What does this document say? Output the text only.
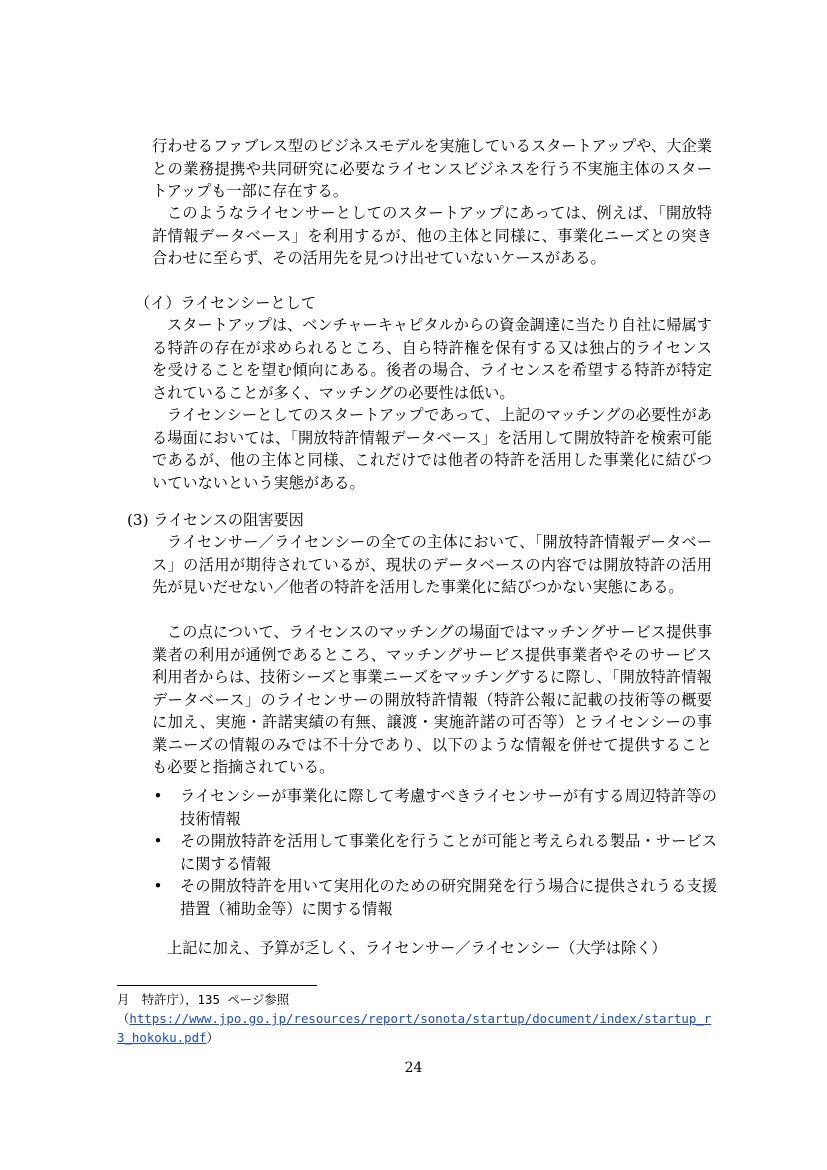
行わせるファブレス型のビジネスモデルを実施しているスタートアップや、大企業との業務提携や共同研究に必要なライセンスビジネスを行う不実施主体のスタートアップも一部に存在する。

このようなライセンサーとしてのスタートアップにあっては、例えば、「開放特許情報データベース」を利用するが、他の主体と同様に、事業化ニーズとの突き合わせに至らず、その活用先を見つけ出せていないケースがある。

（イ）ライセンシーとして

スタートアップは、ベンチャーキャピタルからの資金調達に当たり自社に帰属する特許の存在が求められるところ、自ら特許権を保有する又は独占的ライセンスを受けることを望む傾向にある。後者の場合、ライセンスを希望する特許が特定されていることが多く、マッチングの必要性は低い。

ライセンシーとしてのスタートアップであって、上記のマッチングの必要性がある場面においては、「開放特許情報データベース」を活用して開放特許を検索可能であるが、他の主体と同様、これだけでは他者の特許を活用した事業化に結びついていないという実態がある。

(3) ライセンスの阻害要因

ライセンサー／ライセンシーの全ての主体において、「開放特許情報データベース」の活用が期待されているが、現状のデータベースの内容では開放特許の活用先が見いだせない／他者の特許を活用した事業化に結びつかない実態にある。

この点について、ライセンスのマッチングの場面ではマッチングサービス提供事業者の利用が通例であるところ、マッチングサービス提供事業者やそのサービス利用者からは、技術シーズと事業ニーズをマッチングするに際し、「開放特許情報データベース」のライセンサーの開放特許情報（特許公報に記載の技術等の概要に加え、実施・許諾実績の有無、譲渡・実施許諾の可否等）とライセンシーの事業ニーズの情報のみでは不十分であり、以下のような情報を併せて提供することも必要と指摘されている。

• ライセンシーが事業化に際して考慮すべきライセンサーが有する周辺特許等の技術情報
• その開放特許を活用して事業化を行うことが可能と考えられる製品・サービスに関する情報
• その開放特許を用いて実用化のための研究開発を行う場合に提供されうる支援措置（補助金等）に関する情報

上記に加え、予算が乏しく、ライセンサー／ライセンシー（大学は除く）

月　特許庁），135 ページ参照
（https://www.jpo.go.jp/resources/report/sonota/startup/document/index/startup_r3_hokoku.pdf）

24
